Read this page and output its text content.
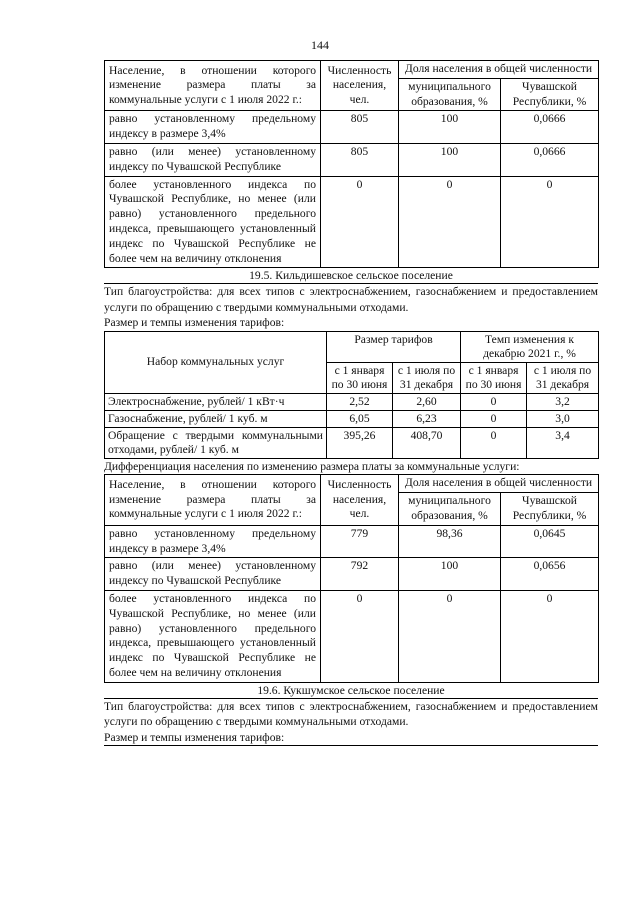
144
Население, в отношении которого изменение размера платы за коммунальные услуги с 1 июля 2022 г.:	Численность населения, чел.	Доля населения в общей численности	
		муниципального образования, %	Чувашской Республики, %
равно установленному предельному индексу в размере 3,4%	805	100	0,0666
равно (или менее) установленному индексу по Чувашской Республике	805	100	0,0666
более установленного индекса по Чувашской Республике, но менее (или равно) установленного предельного индекса, превышающего установленный индекс по Чувашской Республике не более чем на величину отклонения	0	0	0
19.5. Кильдишевское сельское поселение
Тип благоустройства: для всех типов с электроснабжением, газоснабжением и предоставлением услуги по обращению с твердыми коммунальными отходами.
Размер и темпы изменения тарифов:
Набор коммунальных услуг	Размер тарифов		Темп изменения к декабрю 2021 г., %	
	с 1 января по 30 июня	с 1 июля по 31 декабря	с 1 января по 30 июня	с 1 июля по 31 декабря
Электроснабжение, рублей/ 1 кВт·ч	2,52	2,60	0	3,2
Газоснабжение, рублей/ 1 куб. м	6,05	6,23	0	3,0
Обращение с твердыми коммунальными отходами, рублей/ 1 куб. м	395,26	408,70	0	3,4
Дифференциация населения по изменению размера платы за коммунальные услуги:
Население, в отношении которого изменение размера платы за коммунальные услуги с 1 июля 2022 г.:	Численность населения, чел.	Доля населения в общей численности	
		муниципального образования, %	Чувашской Республики, %
равно установленному предельному индексу в размере 3,4%	779	98,36	0,0645
равно (или менее) установленному индексу по Чувашской Республике	792	100	0,0656
более установленного индекса по Чувашской Республике, но менее (или равно) установленного предельного индекса, превышающего установленный индекс по Чувашской Республике не более чем на величину отклонения	0	0	0
19.6. Кукшумское сельское поселение
Тип благоустройства: для всех типов с электроснабжением, газоснабжением и предоставлением услуги по обращению с твердыми коммунальными отходами.
Размер и темпы изменения тарифов:
